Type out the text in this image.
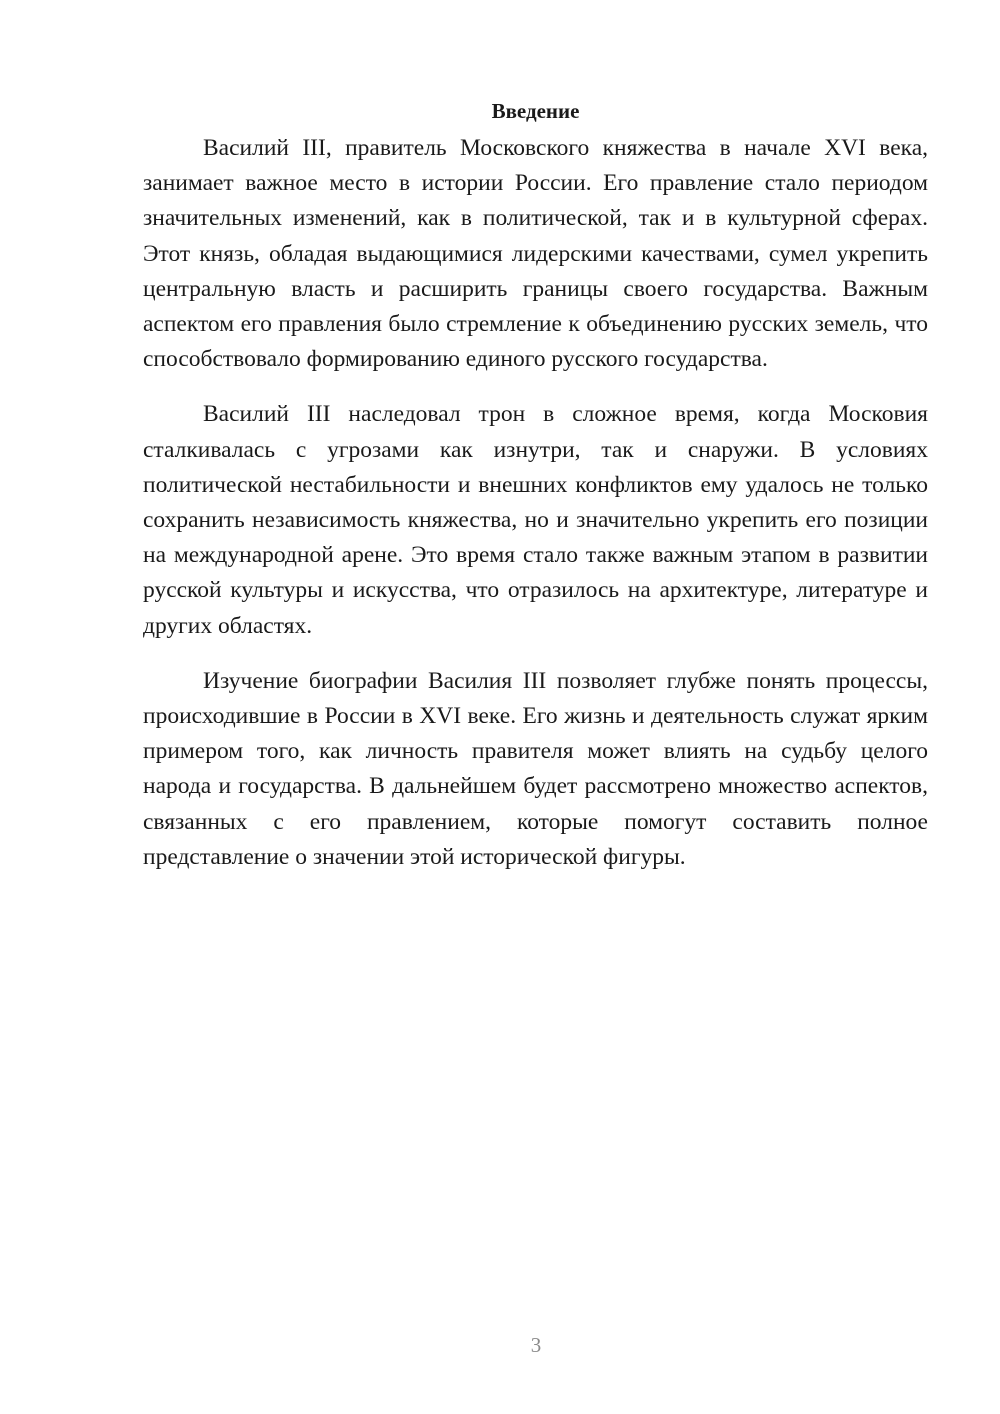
Введение

Василий III, правитель Московского княжества в начале XVI века, занимает важное место в истории России. Его правление стало периодом значительных изменений, как в политической, так и в культурной сферах. Этот князь, обладая выдающимися лидерскими качествами, сумел укрепить центральную власть и расширить границы своего государства. Важным аспектом его правления было стремление к объединению русских земель, что способствовало формированию единого русского государства.

Василий III наследовал трон в сложное время, когда Московия сталкивалась с угрозами как изнутри, так и снаружи. В условиях политической нестабильности и внешних конфликтов ему удалось не только сохранить независимость княжества, но и значительно укрепить его позиции на международной арене. Это время стало также важным этапом в развитии русской культуры и искусства, что отразилось на архитектуре, литературе и других областях.

Изучение биографии Василия III позволяет глубже понять процессы, происходившие в России в XVI веке. Его жизнь и деятельность служат ярким примером того, как личность правителя может влиять на судьбу целого народа и государства. В дальнейшем будет рассмотрено множество аспектов, связанных с его правлением, которые помогут составить полное представление о значении этой исторической фигуры.

3
